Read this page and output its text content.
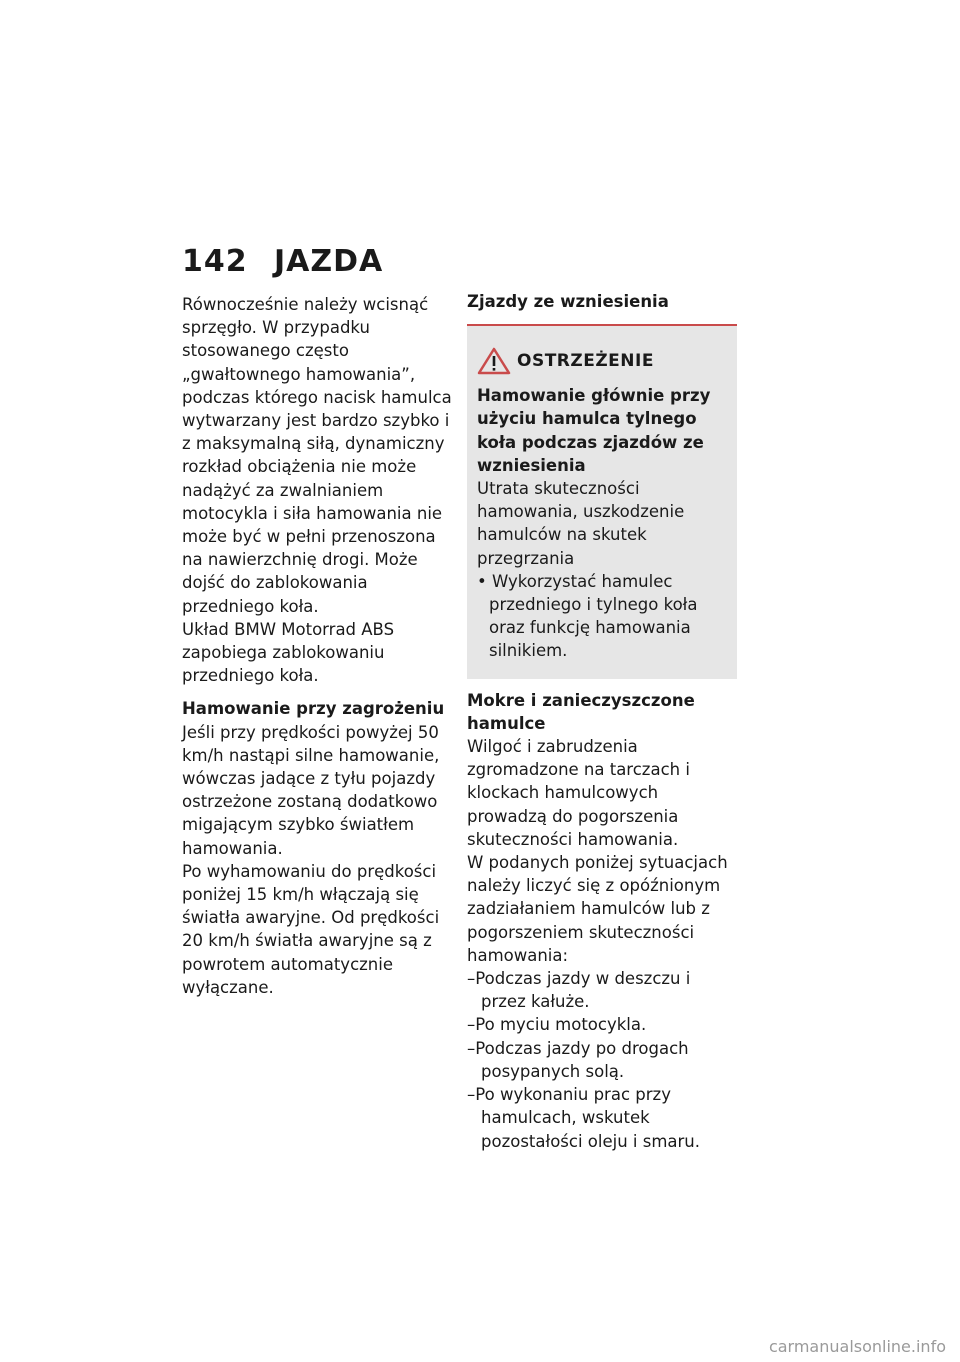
142 JAZDA

Równocześnie należy wcisnąć sprzęgło. W przypadku stosowanego często „gwałtownego hamowania”, podczas którego nacisk hamulca wytwarzany jest bardzo szybko i z maksymalną siłą, dynamiczny rozkład obciążenia nie może nadążyć za zwalnianiem motocykla i siła hamowania nie może być w pełni przenoszona na nawierzchnię drogi. Może dojść do zablokowania przedniego koła.

Układ BMW Motorrad ABS zapobiega zablokowaniu przedniego koła.

Hamowanie przy zagrożeniu

Jeśli przy prędkości powyżej 50 km/h nastąpi silne hamowanie, wówczas jadące z tyłu pojazdy ostrzeżone zostaną dodatkowo migającym szybko światłem hamowania.

Po wyhamowaniu do prędkości poniżej 15 km/h włączają się światła awaryjne. Od prędkości 20 km/h światła awaryjne są z powrotem automatycznie wyłączane.

Zjazdy ze wzniesienia

OSTRZEŻENIE

Hamowanie głównie przy użyciu hamulca tylnego koła podczas zjazdów ze wzniesienia

Utrata skuteczności hamowania, uszkodzenie hamulców na skutek przegrzania

• Wykorzystać hamulec przedniego i tylnego koła oraz funkcję hamowania silnikiem.

Mokre i zanieczyszczone hamulce

Wilgoć i zabrudzenia zgromadzone na tarczach i klockach hamulcowych prowadzą do pogorszenia skuteczności hamowania.

W podanych poniżej sytuacjach należy liczyć się z opóźnionym zadziałaniem hamulców lub z pogorszeniem skuteczności hamowania:

–Podczas jazdy w deszczu i przez kałuże.

–Po myciu motocykla.

–Podczas jazdy po drogach posypanych solą.

–Po wykonaniu prac przy hamulcach, wskutek pozostałości oleju i smaru.

carmanualsonline.info
